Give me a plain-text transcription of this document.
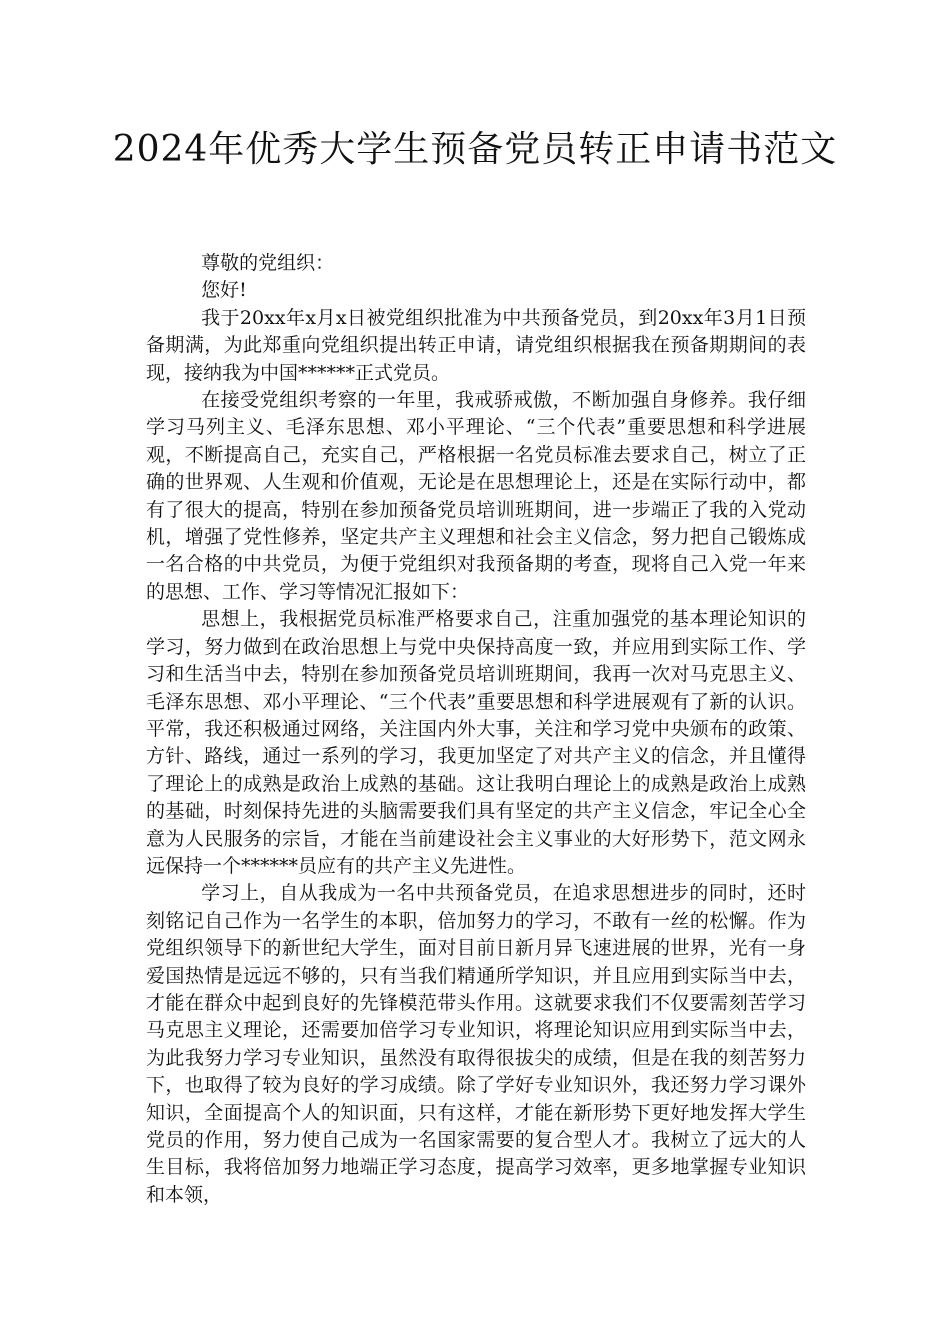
2024年优秀大学生预备党员转正申请书范文

尊敬的党组织：

您好!

我于20xx年x月x日被党组织批准为中共预备党员，到20xx年3月1日预备期满，为此郑重向党组织提出转正申请，请党组织根据我在预备期期间的表现，接纳我为中国******正式党员。

在接受党组织考察的一年里，我戒骄戒傲，不断加强自身修养。我仔细学习马列主义、毛泽东思想、邓小平理论、“三个代表”重要思想和科学进展观，不断提高自己，充实自己，严格根据一名党员标准去要求自己，树立了正确的世界观、人生观和价值观，无论是在思想理论上，还是在实际行动中，都有了很大的提高，特别在参加预备党员培训班期间，进一步端正了我的入党动机，增强了党性修养，坚定共产主义理想和社会主义信念，努力把自己锻炼成一名合格的中共党员，为便于党组织对我预备期的考查，现将自己入党一年来的思想、工作、学习等情况汇报如下：

思想上，我根据党员标准严格要求自己，注重加强党的基本理论知识的学习，努力做到在政治思想上与党中央保持高度一致，并应用到实际工作、学习和生活当中去，特别在参加预备党员培训班期间，我再一次对马克思主义、毛泽东思想、邓小平理论、“三个代表”重要思想和科学进展观有了新的认识。平常，我还积极通过网络，关注国内外大事，关注和学习党中央颁布的政策、方针、路线，通过一系列的学习，我更加坚定了对共产主义的信念，并且懂得了理论上的成熟是政治上成熟的基础。这让我明白理论上的成熟是政治上成熟的基础，时刻保持先进的头脑需要我们具有坚定的共产主义信念，牢记全心全意为人民服务的宗旨，才能在当前建设社会主义事业的大好形势下，范文网永远保持一个******员应有的共产主义先进性。

学习上，自从我成为一名中共预备党员，在追求思想进步的同时，还时刻铭记自己作为一名学生的本职，倍加努力的学习，不敢有一丝的松懈。作为党组织领导下的新世纪大学生，面对目前日新月异飞速进展的世界，光有一身爱国热情是远远不够的，只有当我们精通所学知识，并且应用到实际当中去，才能在群众中起到良好的先锋模范带头作用。这就要求我们不仅要需刻苦学习马克思主义理论，还需要加倍学习专业知识，将理论知识应用到实际当中去，为此我努力学习专业知识，虽然没有取得很拔尖的成绩，但是在我的刻苦努力下，也取得了较为良好的学习成绩。除了学好专业知识外，我还努力学习课外知识，全面提高个人的知识面，只有这样，才能在新形势下更好地发挥大学生党员的作用，努力使自己成为一名国家需要的复合型人才。我树立了远大的人生目标，我将倍加努力地端正学习态度，提高学习效率，更多地掌握专业知识和本领，
